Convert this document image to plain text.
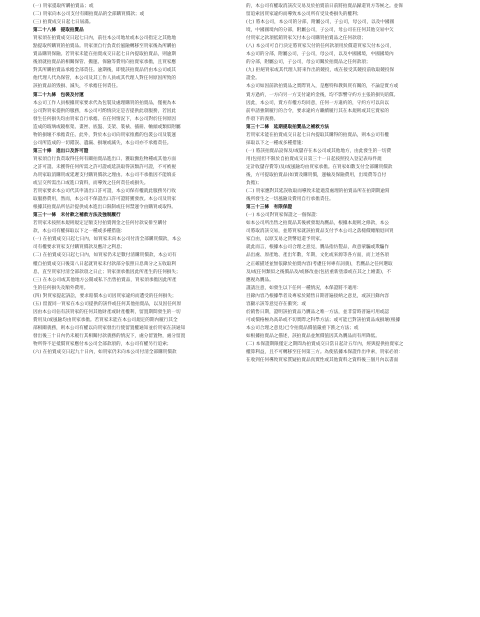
(一) 買家提取所購拍賣品；或
(二) 買家向本公司支付有關拍賣品的全部購買價款；或
(三) 拍賣成交日起七日屆滿。
第二十八條　提取拍賣品
買家須在拍賣成交日起七日內，前往本公司地址或本公司指定之其他地
點提取所購買的拍賣品。買家須自行負責於風險轉移至買家後為所購拍
賣品購買保險。若買家未能在拍賣成交日起七日內提取拍賣品，則逾期
後須就拍賣品的相關保管、搬運、保險等費用向拍賣家承擔，且買家應
對其所購拍賣品承擔全部責任。逾期後，即使該拍賣品仍由本公司或其
他代理人代為保管，本公司及其工作人員或其代理人對任何原因所致的
該拍賣品的毀損、滅失，不承擔任何責任。
第二十九條　包裝及付運
本公司工作人員根據買家要求代為包裝及處理購買的拍賣品，僅視為本
公司對買家提供的服務，本公司可酌情決定是否提供此項服務，若因此
發生任何損失均由買家自行承擔。在任何情況下，本公司對於任何原因
造成的玻璃或鏡框架、畫匣、底盤、支架、裝裱、插冊、軸頭或類似附屬
物的損壞不承擔責任。此外，對於本公司向買家推薦的包裝公司及裝運
公司所造成的一切錯誤、遺漏、損壞或滅失，本公司亦不承擔責任。
第三十條　進出口及許可證
買家須自行負責取得任何有關拍賣品進出口、獲取瀕危物種或其他方面
之許可證。未獲得任何所需之許可證或延誤取得該類許可證，不可被視
為買家取消購買或延遲支付購買價款之理由。本公司不承擔因不能填妥
或呈交所需出口或進口資料，而導致之任何責任或損失。
若買家要求本公司代其申請出口許可證，本公司保有權就此服務另行收
取服務費用，然而，本公司不保證出口許可證將獲發放。本公司及買家
根據其拍賣品所估計提供成本進出口限制或任何禁運令由購買或取得。
第三十一條　未付款之補救方法及強制履行
若買家未按照本規則規定足額支付拍賣佣金之任何付款安排至購付
款，本公司有權採取以下之一種或多種措施：
(一) 在拍賣成交日起七日內，如買家未向本公司付清全部購買價款，本公
司有權要求買家支付購買價款及應計之利息；
(二) 在拍賣成交日起七日內，如買家仍未足數付清購買價款，本公司有
權自拍賣成交日後第八日起就買家未付款部分依照日息萬分之五收取利
息，直至買家付清全部款項之日止；買家須承擔因此所產生的任何損失；
(三) 在本公司或其他地方公開或私下出售拍賣品，買家須承擔因此所產
生的任何損失及額外費用。
(四) 對買家提起訴訟，要求賠償本公司因買家違約而遭受的任何損失；
(五) 留置同一買家在本公司提供的該件或任何其他拍賣品，以及因任何原
因由本公司佔有該買家的任何其他財產或財產權利，留置期間發生的一切
費用及/或風險均由買家承擔。若買家未能在本公司規定的期內履行其全
部相關義務，則本公司有權以向買家發出行使留置權通知並於買家在該通知
發出後三十日內仍未履行其相關付款義務的情況下，處分留置物，處分留置
物所得不足抵償買家應付本公司全部款項的，本公司有權另行追索；
(六) 在拍賣成交日起九十日內，如買家仍未向本公司付清全部購買價款
的，本公司有權取消該次交易及於拍賣前日前將拍賣品歸還買方等候之。並保
留追索因買家違約而導致本公司所有受及委損失的權利；
(七) 將本公司，本公司的分部，附屬公司，子公司，母公司，以及中國國
境，中國國境內的分部，附屬公司，子公司，母公司在任何其他交易中欠
付買家之款項抵銷買家欠付本公司購買拍賣品之任何款項；
(八) 本公司可自行決定將買家欠付的任何款項用於償還買家欠付本公司，
本公司的分部，附屬公司，子公司，母公司，以及中國國境，中國國境內
的分部，附屬公司，子公司，母公司關於拍賣品之任何款項；
(九) 拒絕買家或其代理人將來作出的競投，或在接受其競投前收取競投保
證金。
本公司如因前款拍賣品之實際買入，是應特和教與買有關的，不論是實方或
賣方過約，一方向另一方支付違約金後，均不影響守約方主張的損失賠償。
因此，本公司，賣方有權方均同意，任何一方違約的，守約方可以向以
前申請強制履行的合令，要求違約方繼續履行其在本規則或其它賣家的
件項下的義務。
第三十二條　延期提取拍賣品之補救方法
若買家未能在拍賣成交日起七日內提取其購得的拍賣品，則本公司有權
採取以下之一種或多種措施：
(一) 將該拍賣品設保及/或儲存在本公司或其他地方，由此發生的一切費
用(包括但不限於自拍賣成交日第三十一日起按照投入登記表每件規
定計收儲存費等)及/或風險均由買家承擔。在買家如數支付全部購買價款
後，方可提取拍賣品(如實及購買價，運輸及保險費用，出境費等自付
負擔)；
(二) 買家應對其延誤收取而導致未能適當處理的拍賣品所在拍期期逾寫
後所發生之一切風險及費用自行承擔責任。
第三十三條　有限保證
(一) 本公司對買家保證之一個保證：
如本公司所出售之拍賣品其後被發現為贋品，根據本規則之條款，本公
司將取消該交易，並將買家就該拍賣品支付予本公司之落槌價總額退回買
家自由，以原支易之貨幣退還予買家。
就此而言，根據本公司合理之意見，贋品指仿製品，故意蒙騙或欺騙作
品出處、原產地、產出年數，年期，文化或來源等各方面，而上述各項
之正確描述並無依錄於拍賣內容(考慮任何專有詞義)，若贋品之任何選取
及/或任何類似之後價品及/或修改並(包括重新塗漆或在其之上繪畫)，不
應視為贋品。
謹請注意，如發生以下任何一種情況，本保證將不適用：
目錄內容乃根據學者及專家於銷售日期普遍接納之意見，或該目錄內容
容顯示該等意見存在衝突；或
於銷售日期，證明該拍賣品乃贋品之唯一方法，並非當時普遍可用或認
可或價格極為高昂或不切實際之科學方法；或可能已對該拍賣品成損壞(根據
本公司合理之意見)已令拍賣品價值嚴重下跌之方法；或
如根據拍賣品之描述，該拍賣品並無價值因其為贋品而有所降低。
(二) 本保證期限僅定之期間為拍賣成交日當日起計五年內，經與提供拍賣家之
權算利益，且不可轉移至任何第三方。為使依據本保證作出申索，買家必須：
在收到任何導致買家質疑拍賣品真實性或其他資料之資料後三個月內以書面
